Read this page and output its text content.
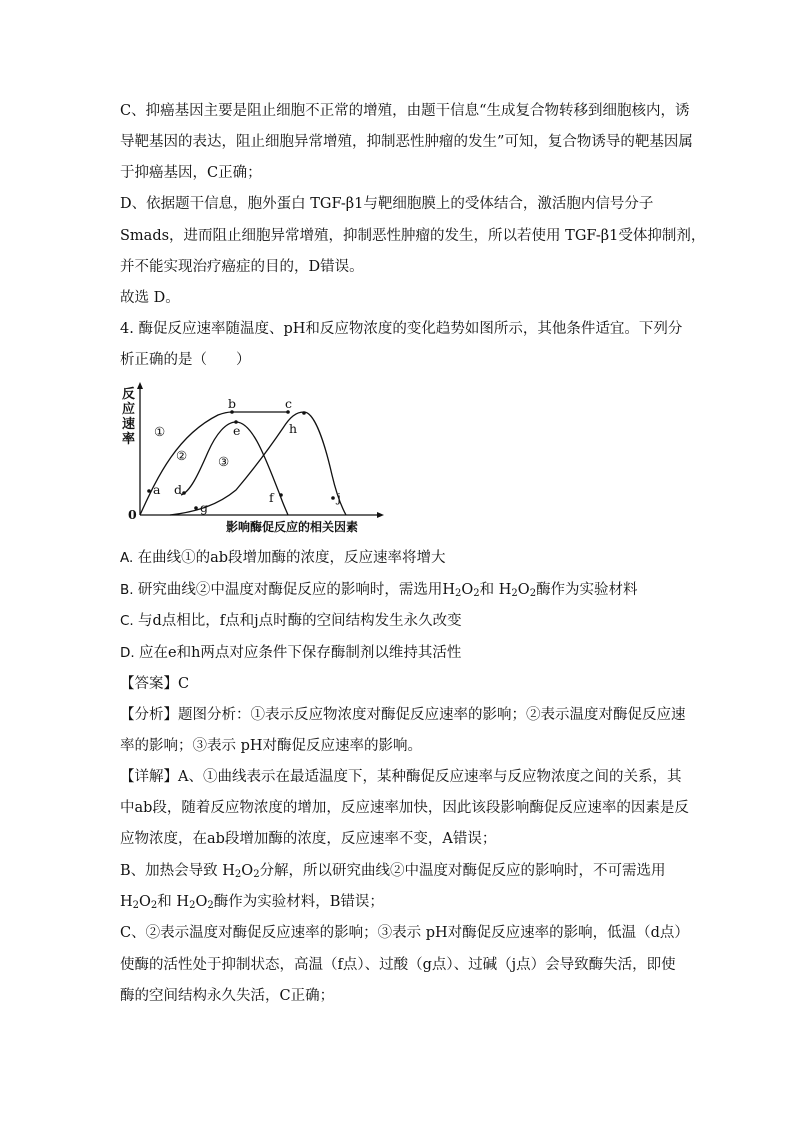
C、抑癌基因主要是阻止细胞不正常的增殖，由题干信息“生成复合物转移到细胞核内，诱
导靶基因的表达，阻止细胞异常增殖，抑制恶性肿瘤的发生”可知，复合物诱导的靶基因属
于抑癌基因，C正确；
D、依据题干信息，胞外蛋白 TGF-β1与靶细胞膜上的受体结合，激活胞内信号分子
Smads，进而阻止细胞异常增殖，抑制恶性肿瘤的发生，所以若使用 TGF-β1受体抑制剂，
并不能实现治疗癌症的目的，D错误。
故选 D。
4. 酶促反应速率随温度、pH和反应物浓度的变化趋势如图所示，其他条件适宜。下列分
析正确的是（　　）
反
应
速
率
0
影响酶促反应的相关因素
①
② ③
a
b	c
d
e
f
g
h
j
A. 在曲线①的ab段增加酶的浓度，反应速率将增大
B. 研究曲线②中温度对酶促反应的影响时，需选用$H_2O_2$和 $H_2O_2$酶作为实验材料
C. 与d点相比，f点和j点时酶的空间结构发生永久改变
D. 应在e和h两点对应条件下保存酶制剂以维持其活性
【答案】C
【分析】题图分析：①表示反应物浓度对酶促反应速率的影响；②表示温度对酶促反应速
率的影响；③表示 pH对酶促反应速率的影响。
【详解】A、①曲线表示在最适温度下，某种酶促反应速率与反应物浓度之间的关系，其
中ab段，随着反应物浓度的增加，反应速率加快，因此该段影响酶促反应速率的因素是反
应物浓度，在ab段增加酶的浓度，反应速率不变，A错误；
B、加热会导致 $H_2O_2$分解，所以研究曲线②中温度对酶促反应的影响时，不可需选用
$H_2O_2$和 $H_2O_2$酶作为实验材料，B错误；
C、②表示温度对酶促反应速率的影响；③表示 pH对酶促反应速率的影响，低温（d点）
使酶的活性处于抑制状态，高温（f点）、过酸（g点）、过碱（j点）会导致酶失活，即使
酶的空间结构永久失活，C正确；
